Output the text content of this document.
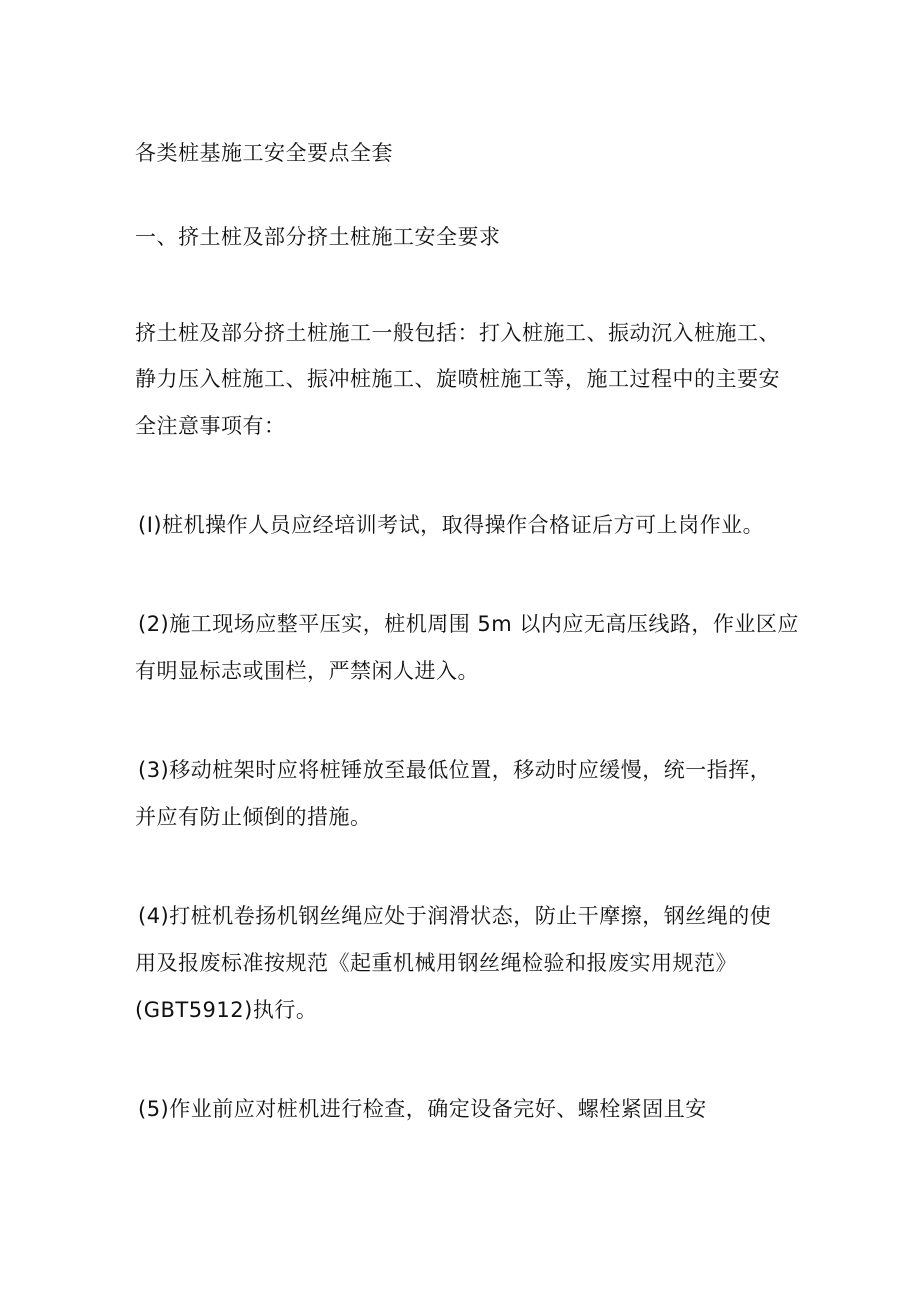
各类桩基施工安全要点全套
一、挤土桩及部分挤土桩施工安全要求
挤土桩及部分挤土桩施工一般包括：打入桩施工、振动沉入桩施工、
静力压入桩施工、振冲桩施工、旋喷桩施工等，施工过程中的主要安
全注意事项有：
(I)桩机操作人员应经培训考试，取得操作合格证后方可上岗作业。
(2)施工现场应整平压实，桩机周围 5m 以内应无高压线路，作业区应
有明显标志或围栏，严禁闲人进入。
(3)移动桩架时应将桩锤放至最低位置，移动时应缓慢，统一指挥，
并应有防止倾倒的措施。
(4)打桩机卷扬机钢丝绳应处于润滑状态，防止干摩擦，钢丝绳的使
用及报废标准按规范《起重机械用钢丝绳检验和报废实用规范》
(GBT5912)执行。
(5)作业前应对桩机进行检查，确定设备完好、螺栓紧固且安
